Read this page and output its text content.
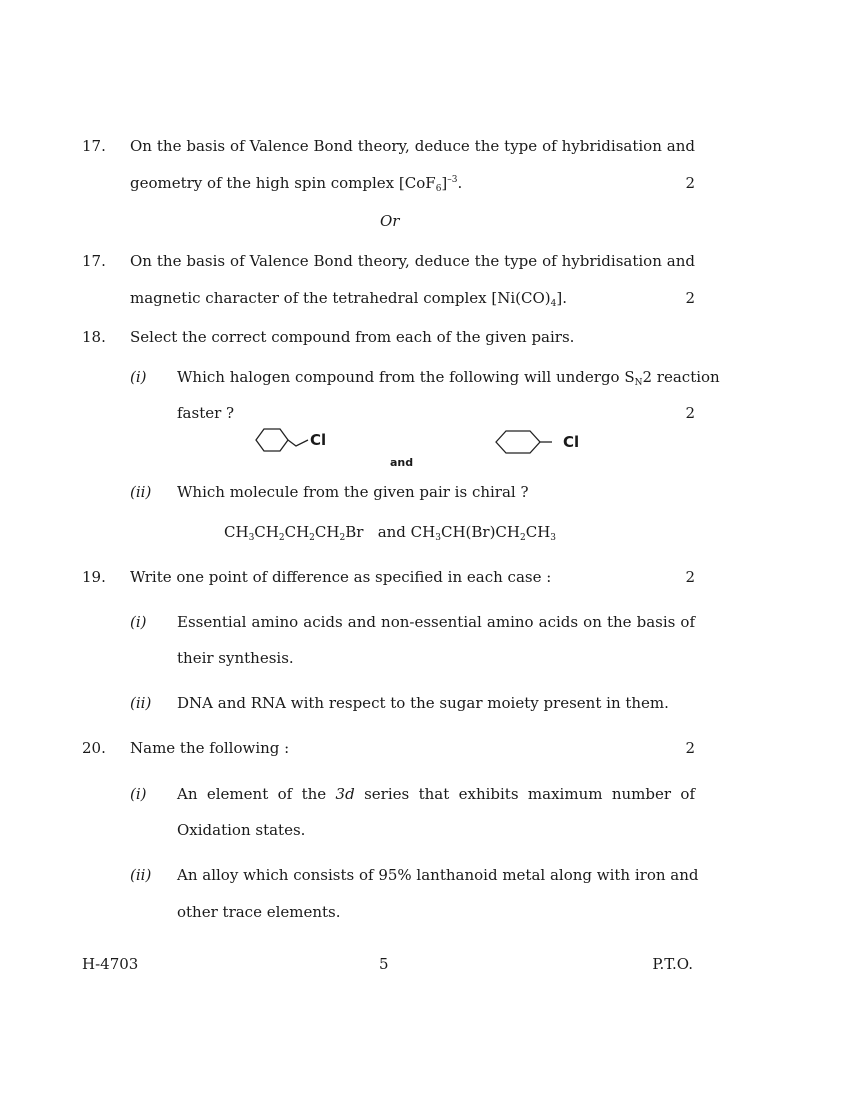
17. On the basis of Valence Bond theory, deduce the type of hybridisation and
geometry of the high spin complex $[CoF_6]^{-3}$.	2
Or
17. On the basis of Valence Bond theory, deduce the type of hybridisation and
magnetic character of the tetrahedral complex $[Ni(CO)_4]$.	2
18. Select the correct compound from each of the given pairs.
(i) Which halogen compound from the following will undergo $S_N2$ reaction
faster ?	2
Cl
and
Cl
(ii) Which molecule from the given pair is chiral ?
$CH_3CH_2CH_2CH_2Br$   and $CH_3CH(Br)CH_2CH_3$
19. Write one point of difference as specified in each case :	2
(i) Essential amino acids and non-essential amino acids on the basis of
their synthesis.
(ii) DNA and RNA with respect to the sugar moiety present in them.
20. Name the following :	2
(i) An element of the 3d series that exhibits maximum number of
Oxidation states.
(ii) An alloy which consists of 95% lanthanoid metal along with iron and
other trace elements.
H-4703	5	P.T.O.
